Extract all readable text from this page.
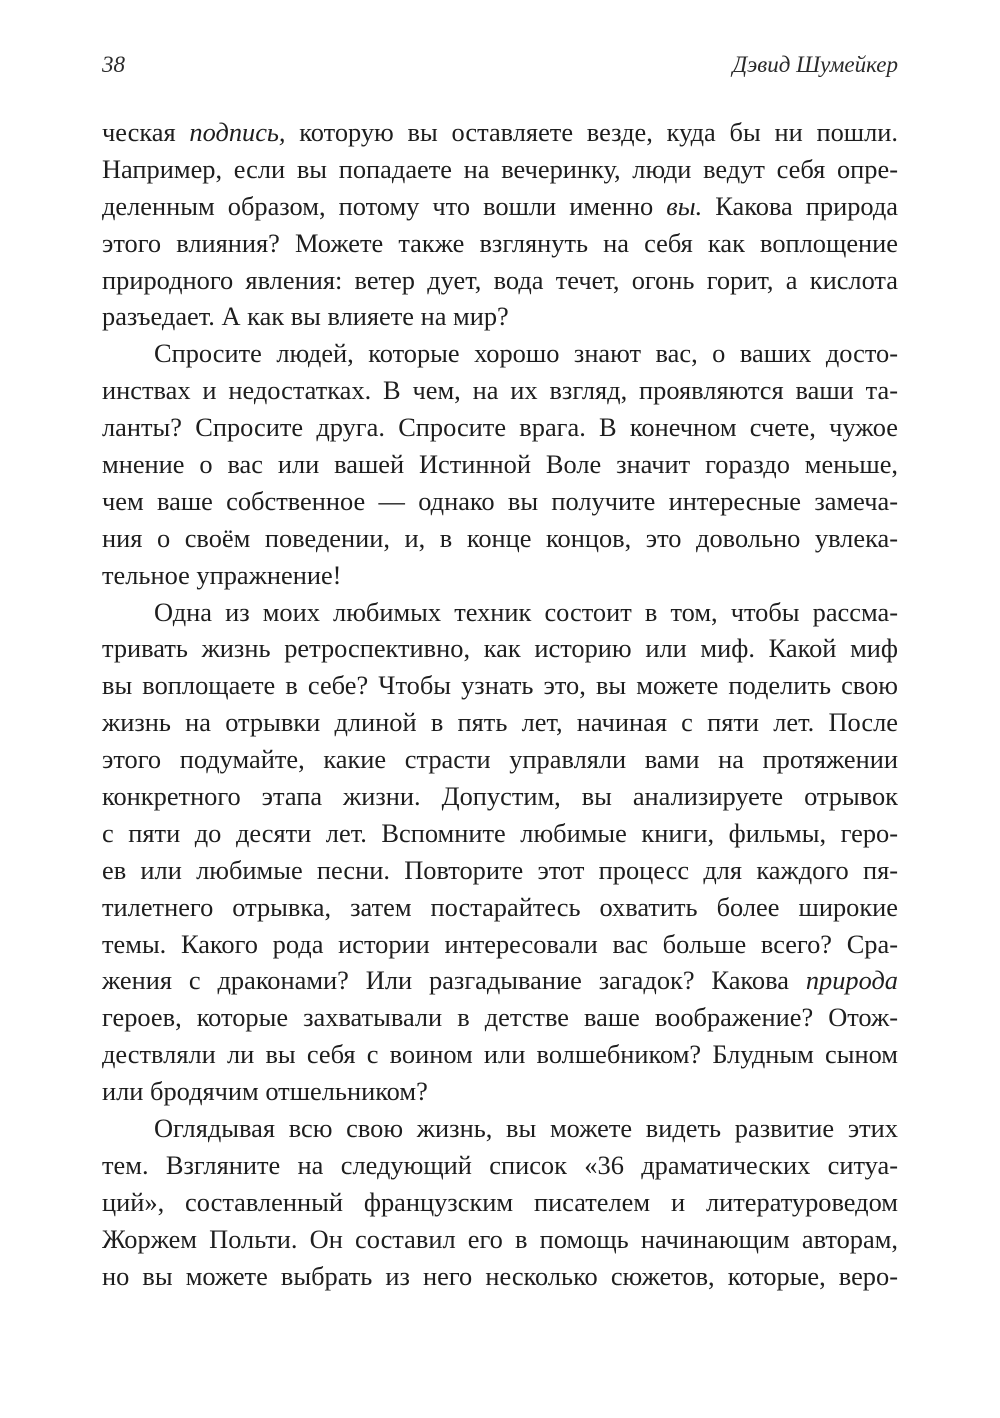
38	Дэвид Шумейкер

ческая подпись, которую вы оставляете везде, куда бы ни пошли.
Например, если вы попадаете на вечеринку, люди ведут себя опре-
деленным образом, потому что вошли именно вы. Какова природа
этого влияния? Можете также взглянуть на себя как воплощение
природного явления: ветер дует, вода течет, огонь горит, а кислота
разъедает. А как вы влияете на мир?

Спросите людей, которые хорошо знают вас, о ваших досто-
инствах и недостатках. В чем, на их взгляд, проявляются ваши та-
ланты? Спросите друга. Спросите врага. В конечном счете, чужое
мнение о вас или вашей Истинной Воле значит гораздо меньше,
чем ваше собственное — однако вы получите интересные замеча-
ния о своём поведении, и, в конце концов, это довольно увлека-
тельное упражнение!

Одна из моих любимых техник состоит в том, чтобы рассма-
тривать жизнь ретроспективно, как историю или миф. Какой миф
вы воплощаете в себе? Чтобы узнать это, вы можете поделить свою
жизнь на отрывки длиной в пять лет, начиная с пяти лет. После
этого подумайте, какие страсти управляли вами на протяжении
конкретного этапа жизни. Допустим, вы анализируете отрывок
с пяти до десяти лет. Вспомните любимые книги, фильмы, геро-
ев или любимые песни. Повторите этот процесс для каждого пя-
тилетнего отрывка, затем постарайтесь охватить более широкие
темы. Какого рода истории интересовали вас больше всего? Сра-
жения с драконами? Или разгадывание загадок? Какова природа
героев, которые захватывали в детстве ваше воображение? Отож-
дествляли ли вы себя с воином или волшебником? Блудным сыном
или бродячим отшельником?

Оглядывая всю свою жизнь, вы можете видеть развитие этих
тем. Взгляните на следующий список «36 драматических ситуа-
ций», составленный французским писателем и литературоведом
Жоржем Польти. Он составил его в помощь начинающим авторам,
но вы можете выбрать из него несколько сюжетов, которые, веро-
